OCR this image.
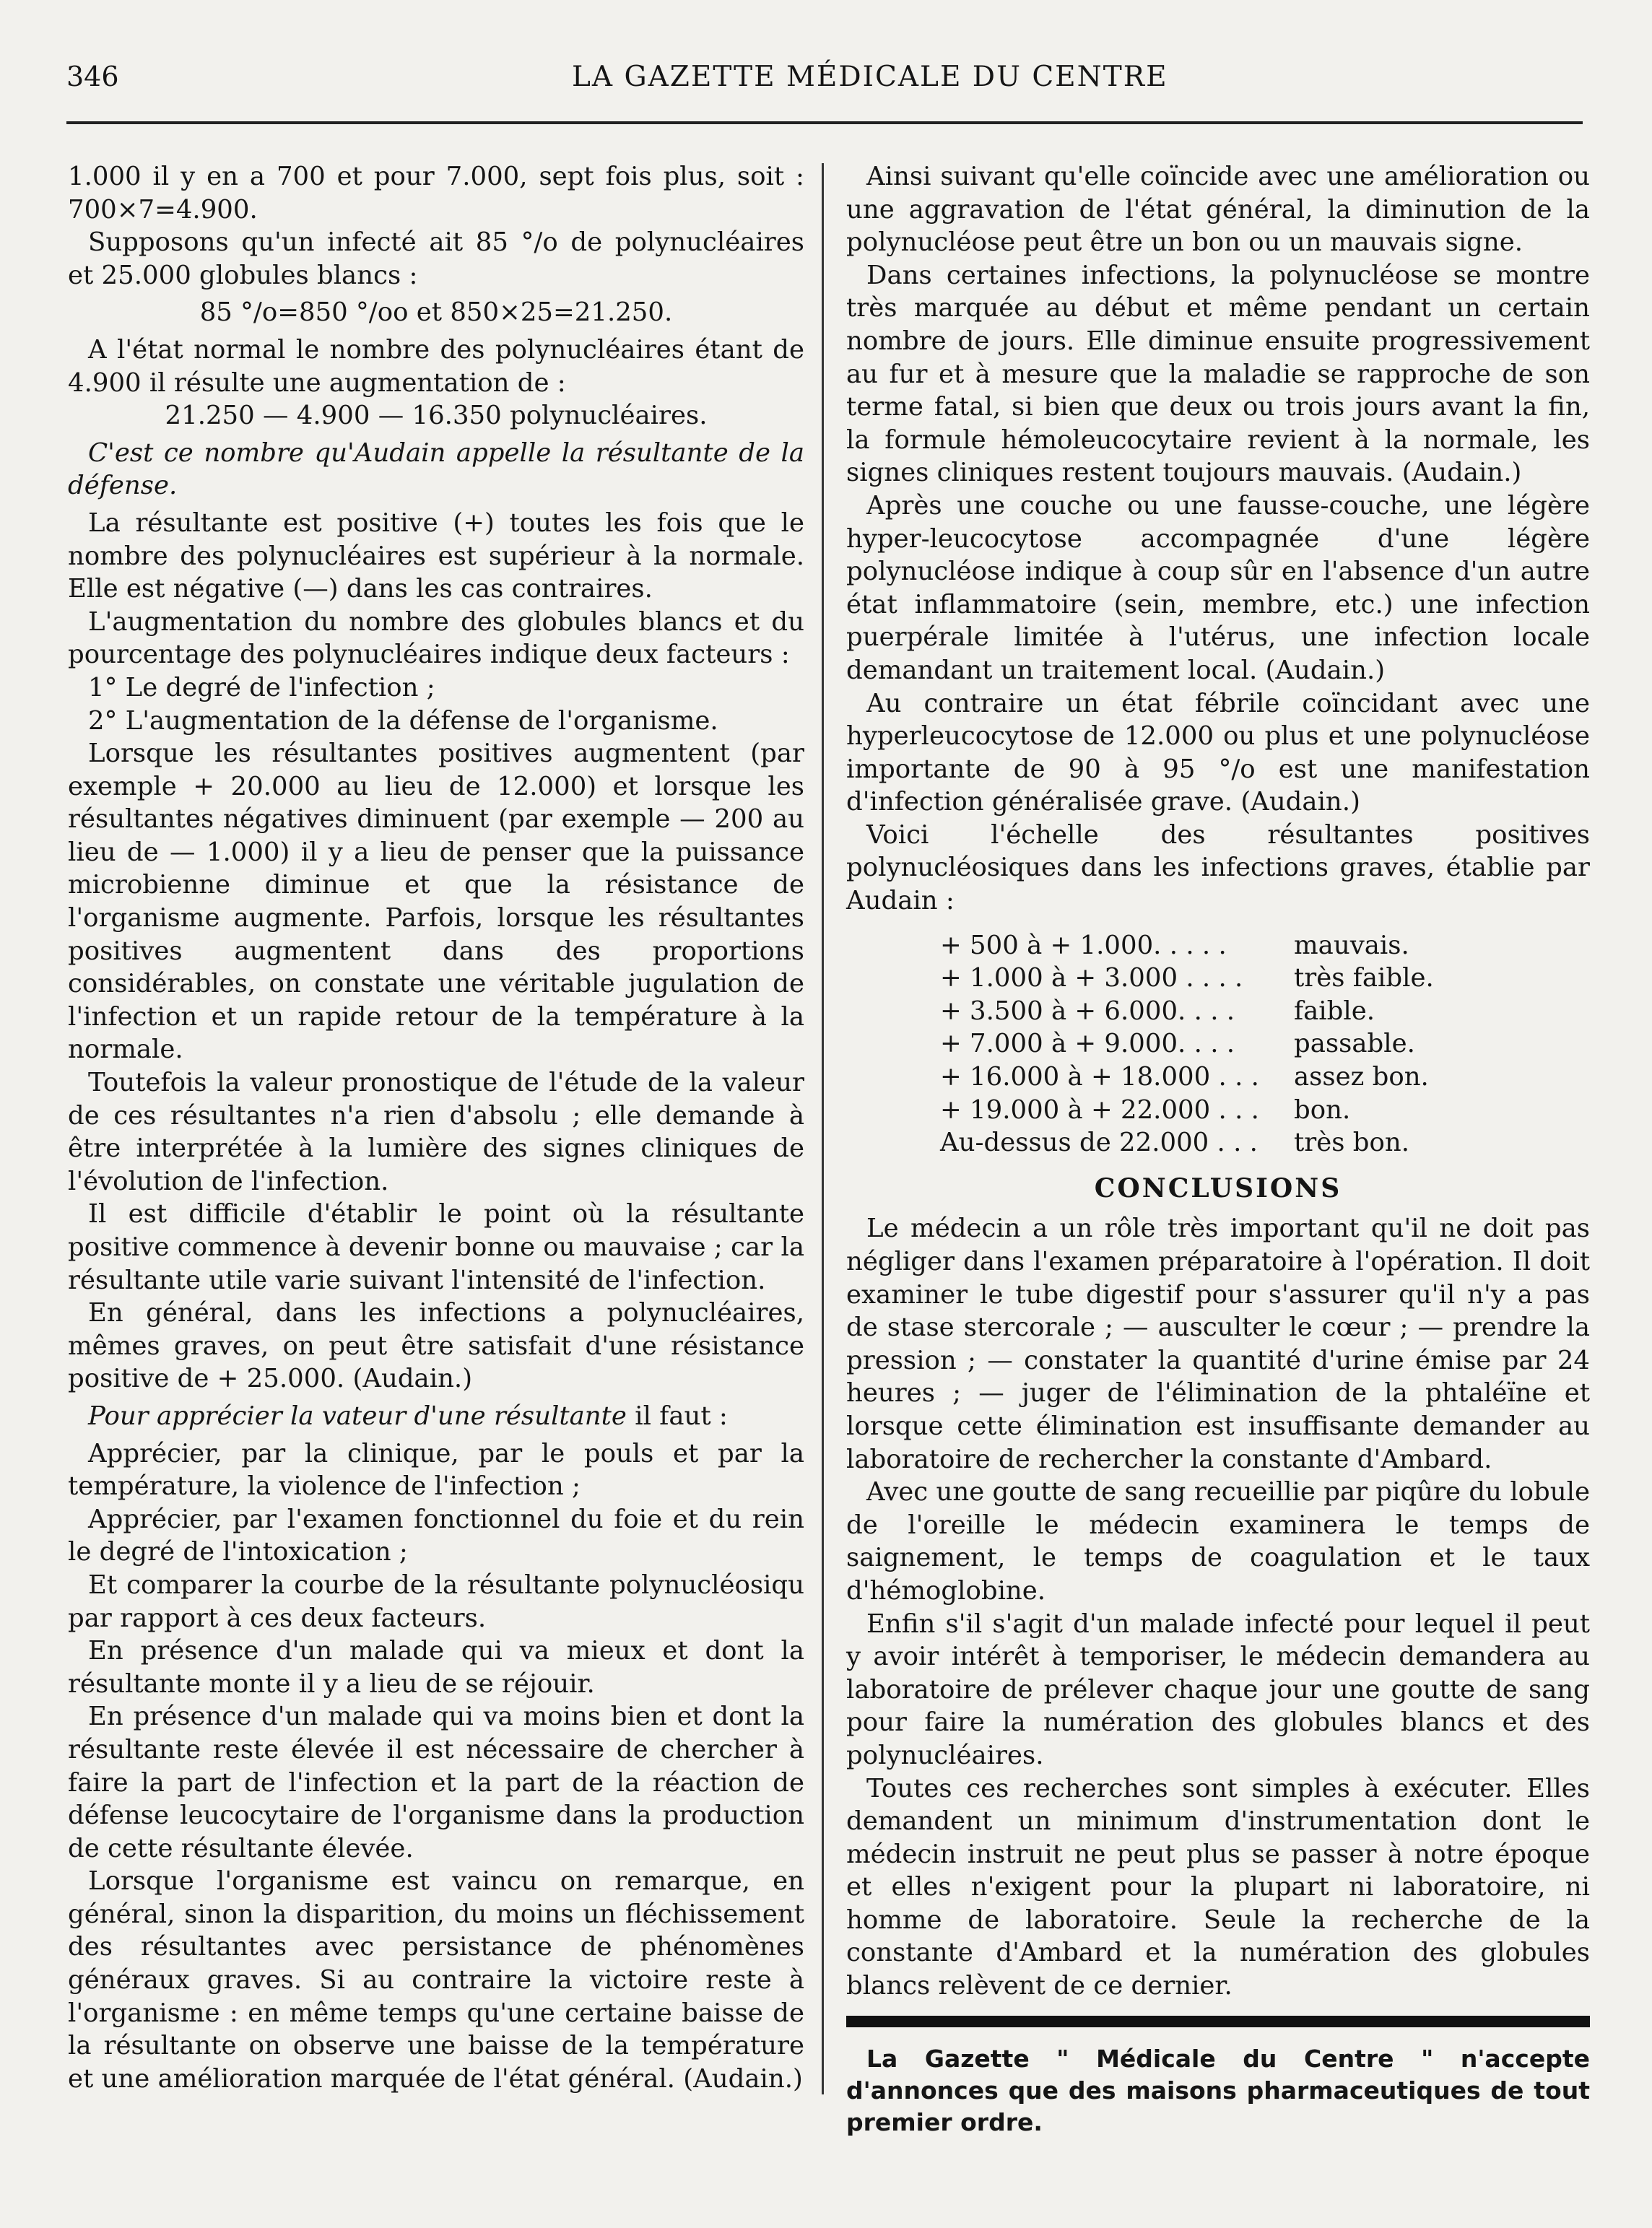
346	LA GAZETTE MÉDICALE DU CENTRE

1.000 il y en a 700 et pour 7.000, sept fois plus, soit : 700×7=4.900.

Supposons qu'un infecté ait 85 °/o de polynucléaires et 25.000 globules blancs :

85 °/o=850 °/oo et 850×25=21.250.

A l'état normal le nombre des polynucléaires étant de 4.900 il résulte une augmentation de :

21.250 — 4.900 — 16.350 polynucléaires.

C'est ce nombre qu'Audain appelle la résultante de la défense.

La résultante est positive (+) toutes les fois que le nombre des polynucléaires est supérieur à la normale. Elle est négative (—) dans les cas contraires.

L'augmentation du nombre des globules blancs et du pourcentage des polynucléaires indique deux facteurs :

1° Le degré de l'infection ;

2° L'augmentation de la défense de l'organisme.

Lorsque les résultantes positives augmentent (par exemple + 20.000 au lieu de 12.000) et lorsque les résultantes négatives diminuent (par exemple — 200 au lieu de — 1.000) il y a lieu de penser que la puissance microbienne diminue et que la résistance de l'organisme augmente. Parfois, lorsque les résultantes positives augmentent dans des proportions considérables, on constate une véritable jugulation de l'infection et un rapide retour de la température à la normale.

Toutefois la valeur pronostique de l'étude de la valeur de ces résultantes n'a rien d'absolu ; elle demande à être interprétée à la lumière des signes cliniques de l'évolution de l'infection.

Il est difficile d'établir le point où la résultante positive commence à devenir bonne ou mauvaise ; car la résultante utile varie suivant l'intensité de l'infection.

En général, dans les infections a polynucléaires, mêmes graves, on peut être satisfait d'une résistance positive de + 25.000. (Audain.)

Pour apprécier la vateur d'une résultante il faut :

Apprécier, par la clinique, par le pouls et par la température, la violence de l'infection ;

Apprécier, par l'examen fonctionnel du foie et du rein le degré de l'intoxication ;

Et comparer la courbe de la résultante polynucléosiqu par rapport à ces deux facteurs.

En présence d'un malade qui va mieux et dont la résultante monte il y a lieu de se réjouir.

En présence d'un malade qui va moins bien et dont la résultante reste élevée il est nécessaire de chercher à faire la part de l'infection et la part de la réaction de défense leucocytaire de l'organisme dans la production de cette résultante élevée.

Lorsque l'organisme est vaincu on remarque, en général, sinon la disparition, du moins un fléchissement des résultantes avec persistance de phénomènes généraux graves. Si au contraire la victoire reste à l'organisme : en même temps qu'une certaine baisse de la résultante on observe une baisse de la température et une amélioration marquée de l'état général. (Audain.)

Ainsi suivant qu'elle coïncide avec une amélioration ou une aggravation de l'état général, la diminution de la polynucléose peut être un bon ou un mauvais signe.

Dans certaines infections, la polynucléose se montre très marquée au début et même pendant un certain nombre de jours. Elle diminue ensuite progressivement au fur et à mesure que la maladie se rapproche de son terme fatal, si bien que deux ou trois jours avant la fin, la formule hémoleucocytaire revient à la normale, les signes cliniques restent toujours mauvais. (Audain.)

Après une couche ou une fausse-couche, une légère hyper-leucocytose accompagnée d'une légère polynucléose indique à coup sûr en l'absence d'un autre état inflammatoire (sein, membre, etc.) une infection puerpérale limitée à l'utérus, une infection locale demandant un traitement local. (Audain.)

Au contraire un état fébrile coïncidant avec une hyperleucocytose de 12.000 ou plus et une polynucléose importante de 90 à 95 °/o est une manifestation d'infection généralisée grave. (Audain.)

Voici l'échelle des résultantes positives polynucléosiques dans les infections graves, établie par Audain :

+ 500 à + 1.000. . . . .	mauvais.
+ 1.000 à + 3.000 . . . .	très faible.
+ 3.500 à + 6.000. . . .	faible.
+ 7.000 à + 9.000. . . .	passable.
+ 16.000 à + 18.000 . . .	assez bon.
+ 19.000 à + 22.000 . . .	bon.
Au-dessus de 22.000 . . .	très bon.
CONCLUSIONS

Le médecin a un rôle très important qu'il ne doit pas négliger dans l'examen préparatoire à l'opération. Il doit examiner le tube digestif pour s'assurer qu'il n'y a pas de stase stercorale ; — ausculter le cœur ; — prendre la pression ; — constater la quantité d'urine émise par 24 heures ; — juger de l'élimination de la phtaléïne et lorsque cette élimination est insuffisante demander au laboratoire de rechercher la constante d'Ambard.

Avec une goutte de sang recueillie par piqûre du lobule de l'oreille le médecin examinera le temps de saignement, le temps de coagulation et le taux d'hémoglobine.

Enfin s'il s'agit d'un malade infecté pour lequel il peut y avoir intérêt à temporiser, le médecin demandera au laboratoire de prélever chaque jour une goutte de sang pour faire la numération des globules blancs et des polynucléaires.

Toutes ces recherches sont simples à exécuter. Elles demandent un minimum d'instrumentation dont le médecin instruit ne peut plus se passer à notre époque et elles n'exigent pour la plupart ni laboratoire, ni homme de laboratoire. Seule la recherche de la constante d'Ambard et la numération des globules blancs relèvent de ce dernier.

La Gazette " Médicale du Centre " n'accepte d'annonces que des maisons pharmaceutiques de tout premier ordre.
